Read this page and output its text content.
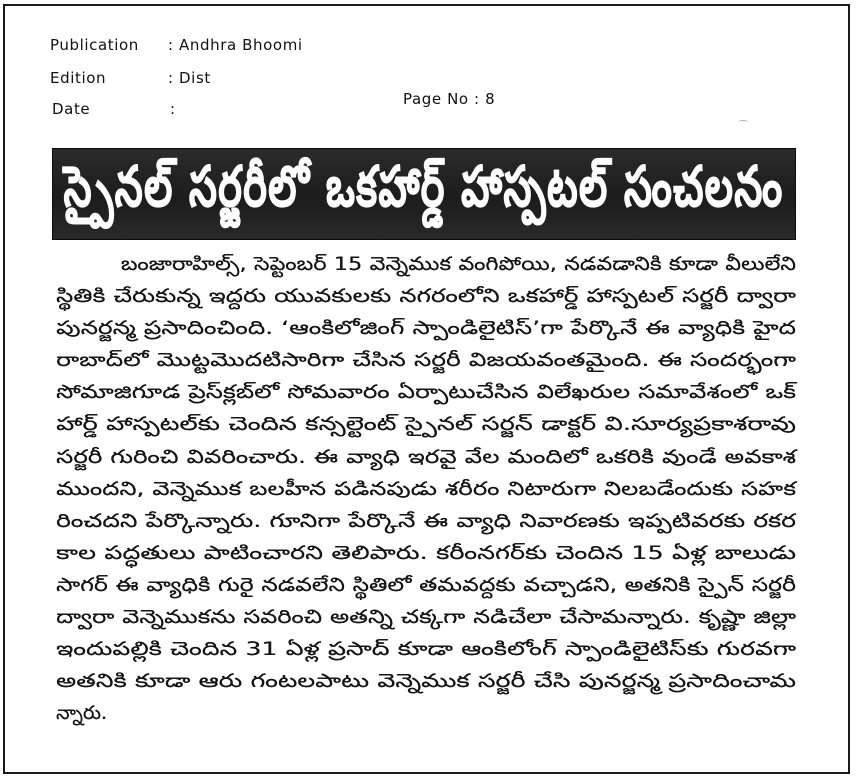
Publication : Andhra Bhoomi
Edition	: Dist
Date	:
Page No : 8
⌒
స్పైనల్ సర్జరీలో ఒకహార్డ్ హాస్పటల్ సంచలనం
బంజారాహిల్స్, సెప్టెంబర్ 15 వెన్నెముక వంగిపోయి, నడవడానికి కూడా వీలులేని
స్థితికి చేరుకున్న ఇద్దరు యువకులకు నగరంలోని ఒకహార్డ్ హాస్పటల్ సర్జరీ ద్వారా
పునర్జన్మ ప్రసాదించింది. ‘ఆంకిలోజింగ్ స్పాండిలైటిస్’గా పేర్కొనే ఈ వ్యాధికి హైద
రాబాద్‌లో మొట్టమొదటిసారిగా చేసిన సర్జరీ విజయవంతమైంది. ఈ సందర్భంగా
సోమాజిగూడ ప్రెస్‌క్లబ్‌లో సోమవారం ఏర్పాటుచేసిన విలేఖరుల సమావేశంలో ఒక్
హార్డ్ హాస్పటల్‌కు చెందిన కన్సల్టెంట్ స్పైనల్ సర్జన్ డాక్టర్ వి.సూర్యప్రకాశరావు
సర్జరీ గురించి వివరించారు. ఈ వ్యాధి ఇరవై వేల మందిలో ఒకరికి వుండే అవకాశ
ముందని, వెన్నెముక బలహీన పడినపుడు శరీరం నిటారుగా నిలబడేందుకు సహక
రించదని పేర్కొన్నారు. గూనిగా పేర్కొనే ఈ వ్యాధి నివారణకు ఇప్పటివరకు రకర
కాల పద్ధతులు పాటించారని తెలిపారు. కరీంనగర్‌కు చెందిన 15 ఏళ్ల బాలుడు
సాగర్ ఈ వ్యాధికి గురై నడవలేని స్థితిలో తమవద్దకు వచ్చాడని, అతనికి స్పైన్ సర్జరీ
ద్వారా వెన్నెముకను సవరించి అతన్ని చక్కగా నడిచేలా చేసామన్నారు. కృష్ణా జిల్లా
ఇందుపల్లికి చెందిన 31 ఏళ్ల ప్రసాద్ కూడా ఆంకిలోంగ్ స్పాండిలైటిస్‌కు గురవగా
అతనికి కూడా ఆరు గంటలపాటు వెన్నెముక సర్జరీ చేసి పునర్జన్మ ప్రసాదించామ
న్నారు.
